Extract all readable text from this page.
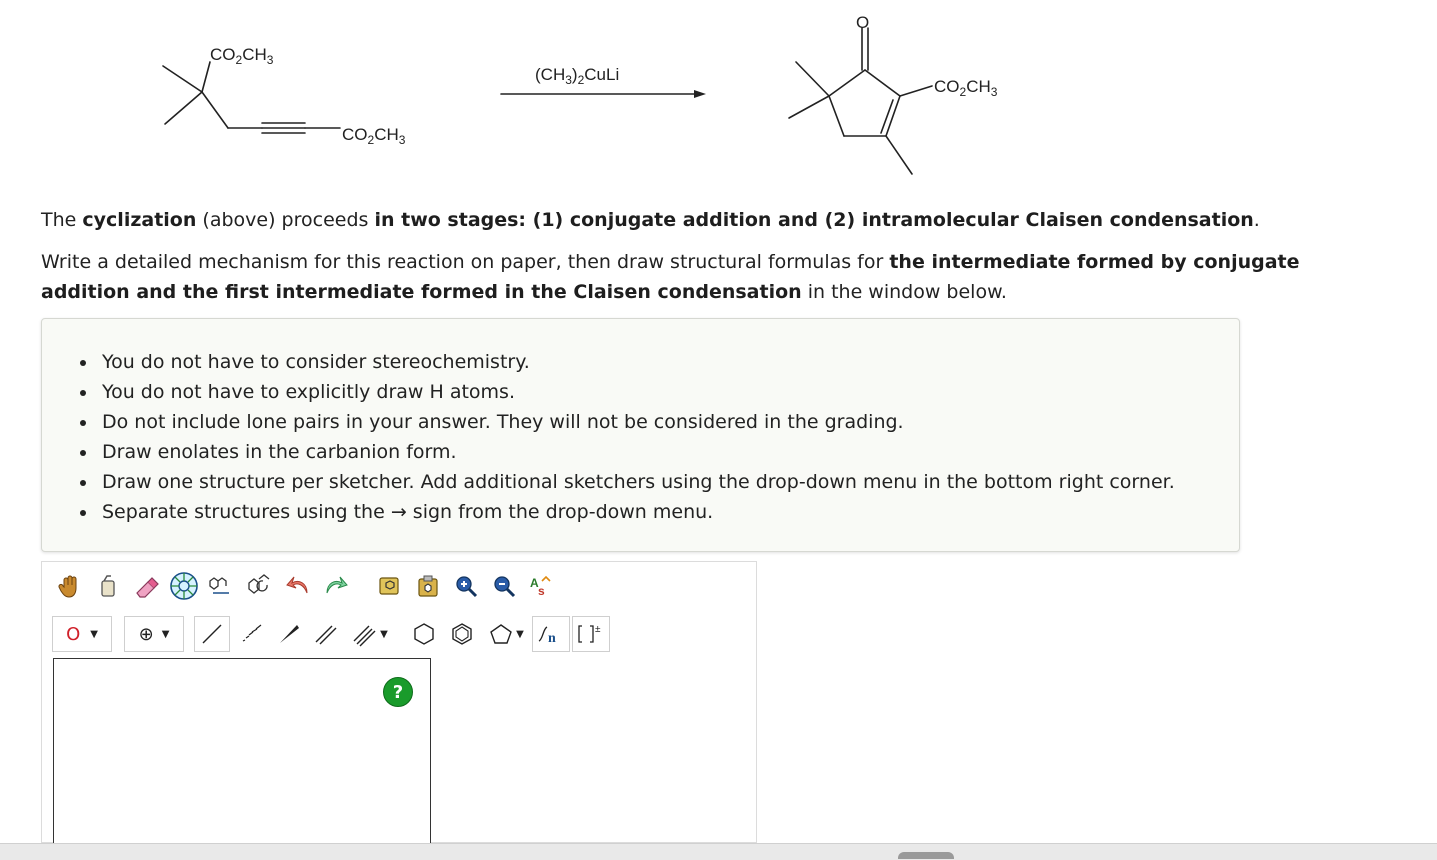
$CO_2CH_3$
$CO_2CH_3$
$(CH_3)_2CuLi$
O
$CO_2CH_3$

The cyclization (above) proceeds in two stages: (1) conjugate addition and (2) intramolecular Claisen condensation.

Write a detailed mechanism for this reaction on paper, then draw structural formulas for the intermediate formed by conjugate addition and the first intermediate formed in the Claisen condensation in the window below.

• You do not have to consider stereochemistry.
• You do not have to explicitly draw H atoms.
• Do not include lone pairs in your answer. They will not be considered in the grading.
• Draw enolates in the carbanion form.
• Draw one structure per sketcher. Add additional sketchers using the drop-down menu in the bottom right corner.
• Separate structures using the → sign from the drop-down menu.
A
s
O ▼ ⊕ ▼	▼	▼ n
±
?
